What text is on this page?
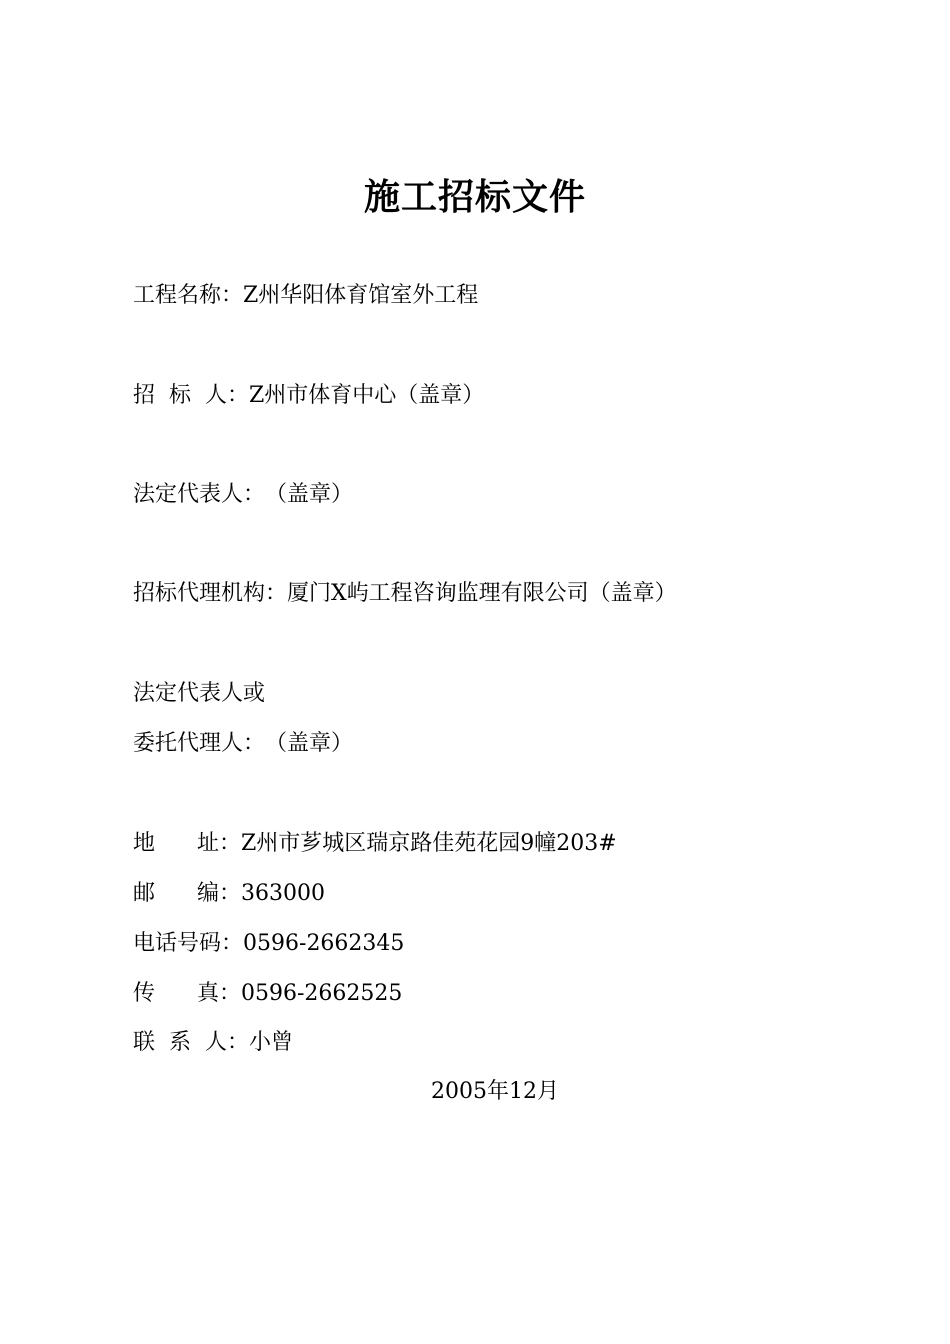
施工招标文件
工程名称：Z州华阳体育馆室外工程
招  标  人：Z州市体育中心（盖章）
法定代表人：（盖章）
招标代理机构：厦门X屿工程咨询监理有限公司（盖章）
法定代表人或
委托代理人：（盖章）
地      址：Z州市芗城区瑞京路佳苑花园9幢203#
邮      编：363000
电话号码：0596-2662345
传      真：0596-2662525
联  系  人：小曾
2005年12月
